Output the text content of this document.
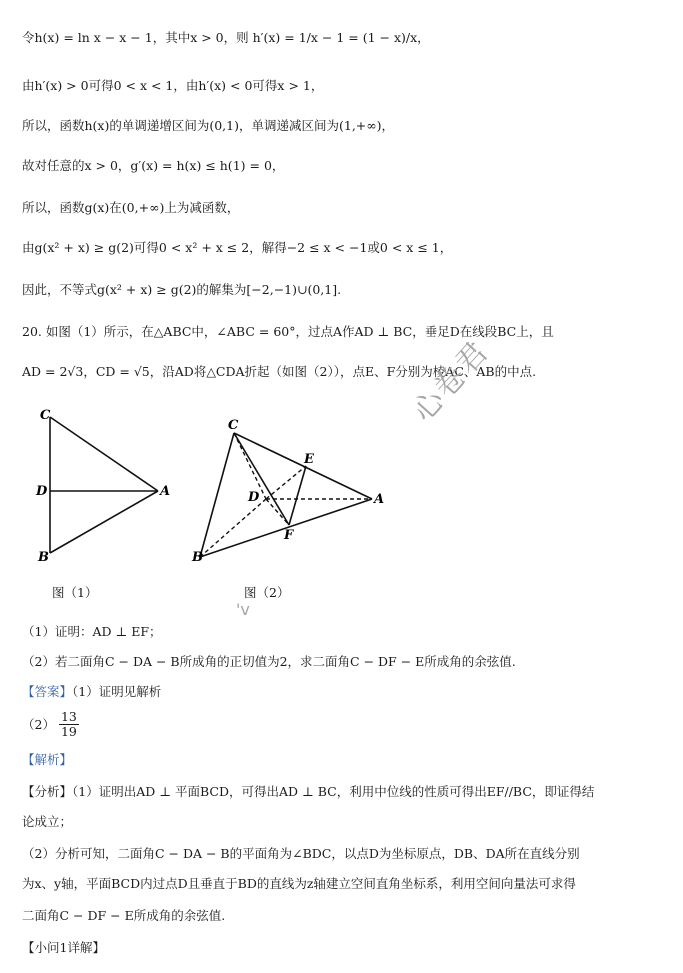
令h(x) = ln x − x − 1，其中x > 0，则 h′(x) = 1/x − 1 = (1 − x)/x，
由h′(x) > 0可得0 < x < 1，由h′(x) < 0可得x > 1，
所以，函数h(x)的单调递增区间为(0,1)，单调递减区间为(1,+∞)，
故对任意的x > 0，g′(x) = h(x) ≤ h(1) = 0，
所以，函数g(x)在(0,+∞)上为减函数，
由g(x² + x) ≥ g(2)可得0 < x² + x ≤ 2，解得−2 ≤ x < −1或0 < x ≤ 1，
因此，不等式g(x² + x) ≥ g(2)的解集为[−2,−1)∪(0,1].
20. 如图（1）所示，在△ABC中，∠ABC = 60°，过点A作AD ⊥ BC，垂足D在线段BC上，且
AD = 2√3，CD = √5，沿AD将△CDA折起（如图（2）），点E、F分别为棱AC、AB的中点.
C
D	A
B
图（1）
C
E
D	A
F
B
图（2）
（1）证明：AD ⊥ EF；
（2）若二面角C − DA − B所成角的正切值为2，求二面角C − DF − E所成角的余弦值.
【答案】（1）证明见解析
$(2) \frac{13}{19}$
【解析】
【分析】（1）证明出AD ⊥ 平面BCD，可得出AD ⊥ BC，利用中位线的性质可得出EF//BC，即证得结
论成立；
（2）分析可知，二面角C − DA − B的平面角为∠BDC，以点D为坐标原点，DB、DA所在直线分别
为x、y轴，平面BCD内过点D且垂直于BD的直线为z轴建立空间直角坐标系，利用空间向量法可求得
二面角C − DF − E所成角的余弦值.
【小问1详解】
心卷君
'v
